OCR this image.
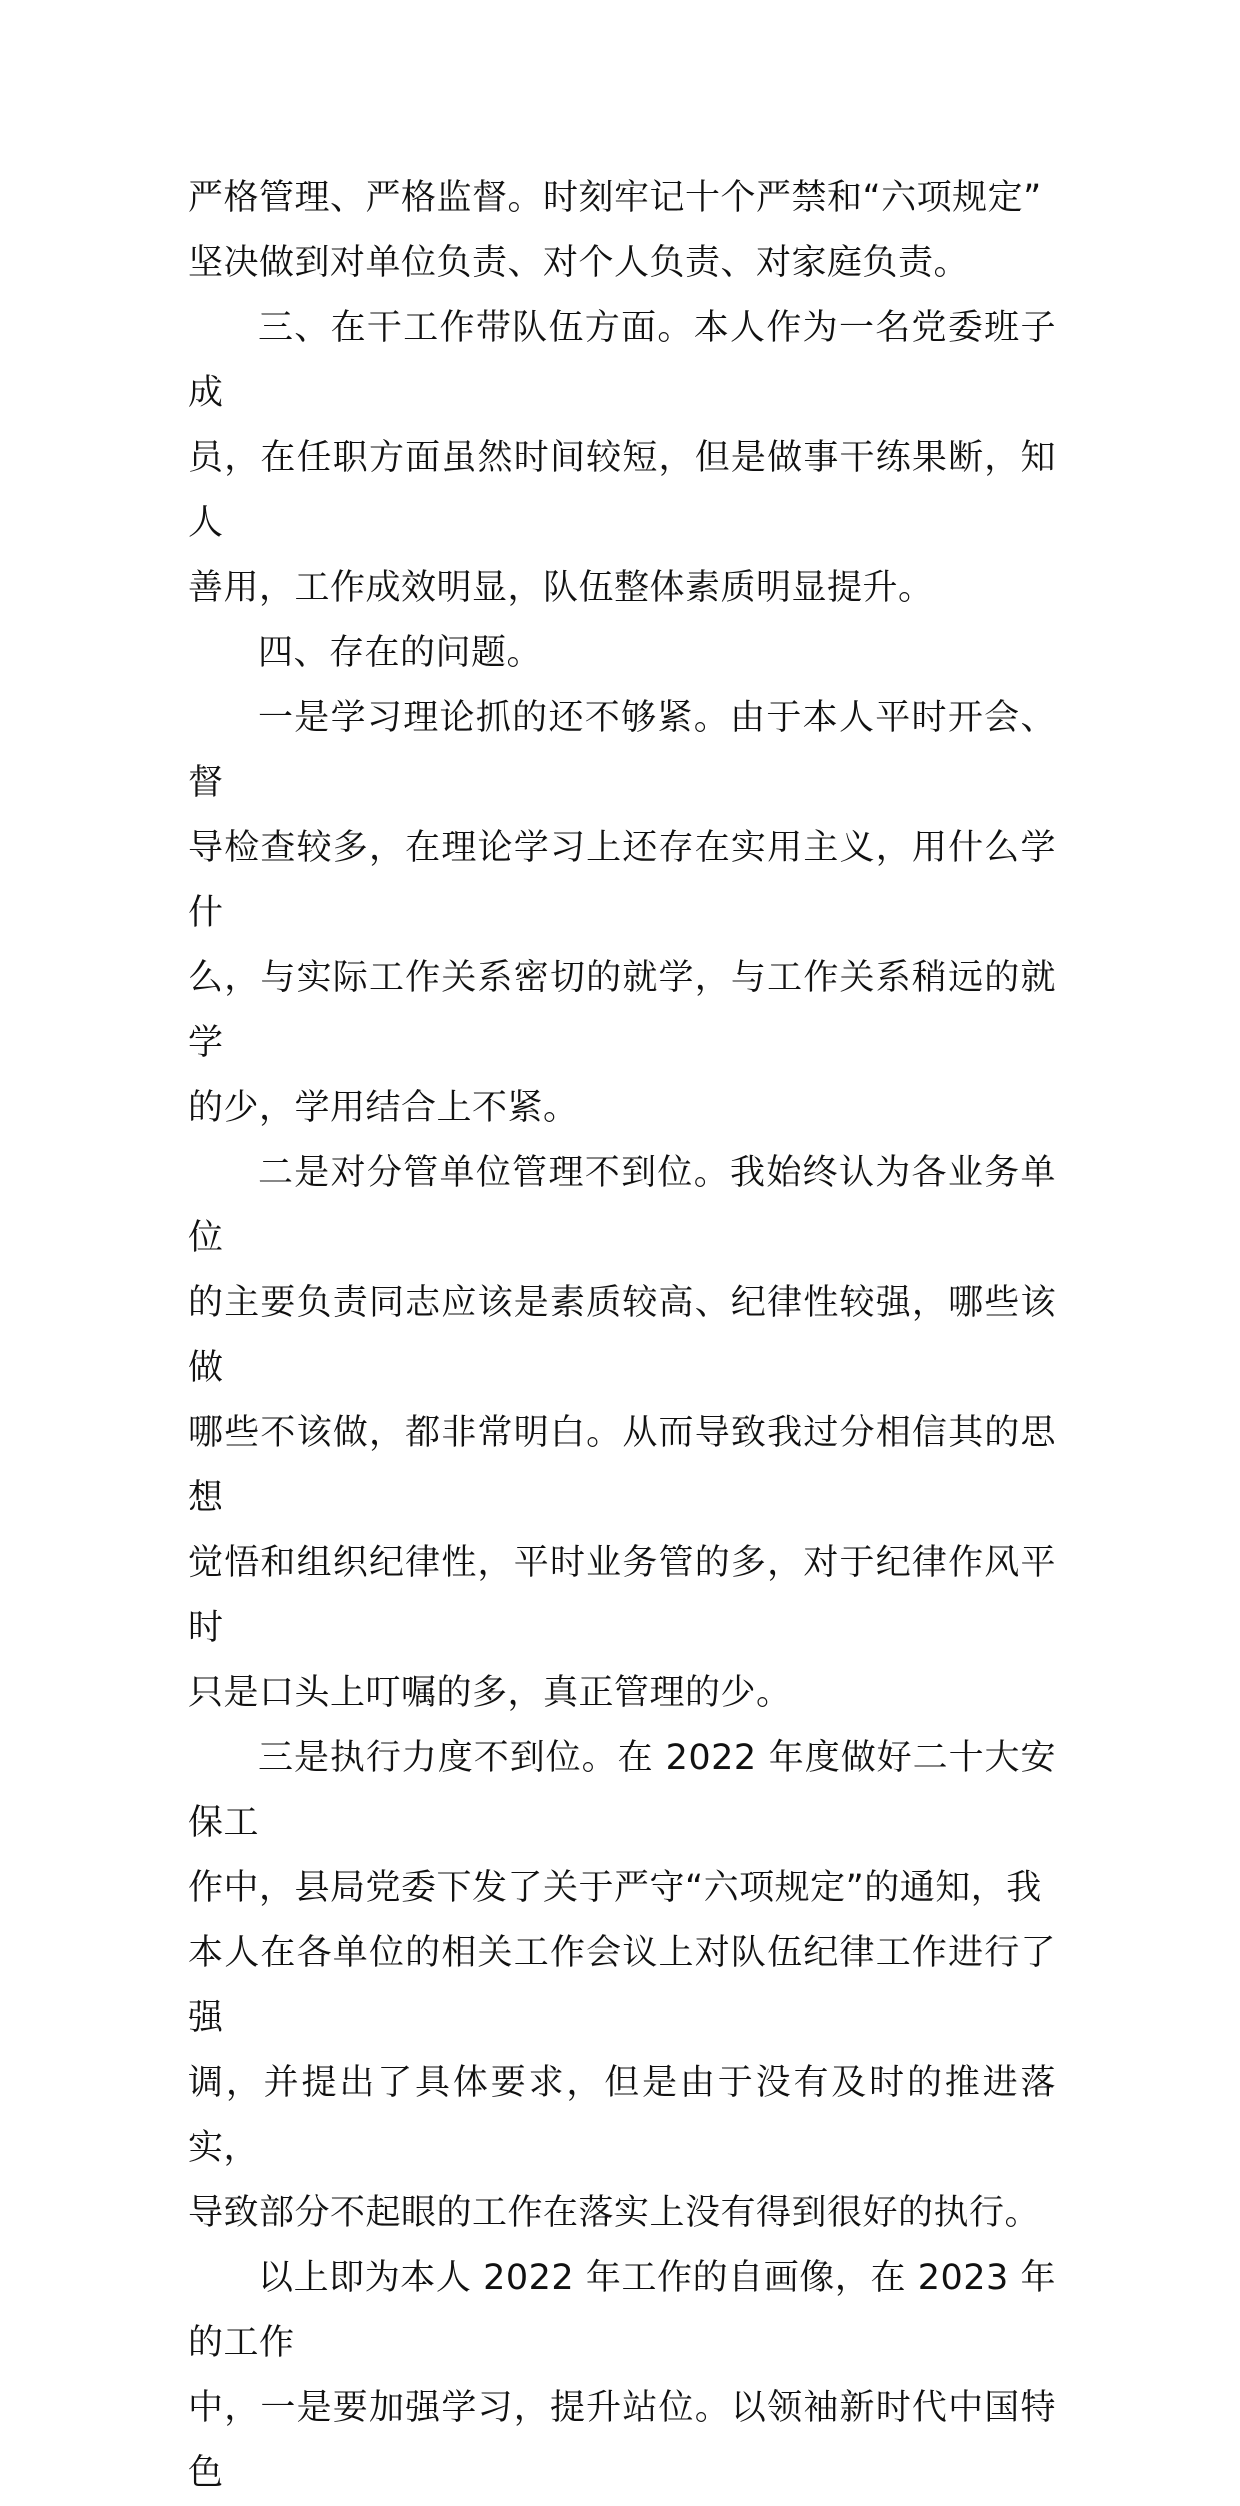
严格管理、严格监督。时刻牢记十个严禁和“六项规定”
坚决做到对单位负责、对个人负责、对家庭负责。

三、在干工作带队伍方面。本人作为一名党委班子成
员，在任职方面虽然时间较短，但是做事干练果断，知人
善用，工作成效明显，队伍整体素质明显提升。

四、存在的问题。

一是学习理论抓的还不够紧。由于本人平时开会、督
导检查较多，在理论学习上还存在实用主义，用什么学什
么，与实际工作关系密切的就学，与工作关系稍远的就学
的少，学用结合上不紧。

二是对分管单位管理不到位。我始终认为各业务单位
的主要负责同志应该是素质较高、纪律性较强，哪些该做
哪些不该做，都非常明白。从而导致我过分相信其的思想
觉悟和组织纪律性，平时业务管的多，对于纪律作风平时
只是口头上叮嘱的多，真正管理的少。

三是执行力度不到位。在 2022 年度做好二十大安保工
作中，县局党委下发了关于严守“六项规定”的通知，我
本人在各单位的相关工作会议上对队伍纪律工作进行了强
调，并提出了具体要求，但是由于没有及时的推进落实，
导致部分不起眼的工作在落实上没有得到很好的执行。

以上即为本人 2022 年工作的自画像，在 2023 年的工作
中，一是要加强学习，提升站位。以领袖新时代中国特色
